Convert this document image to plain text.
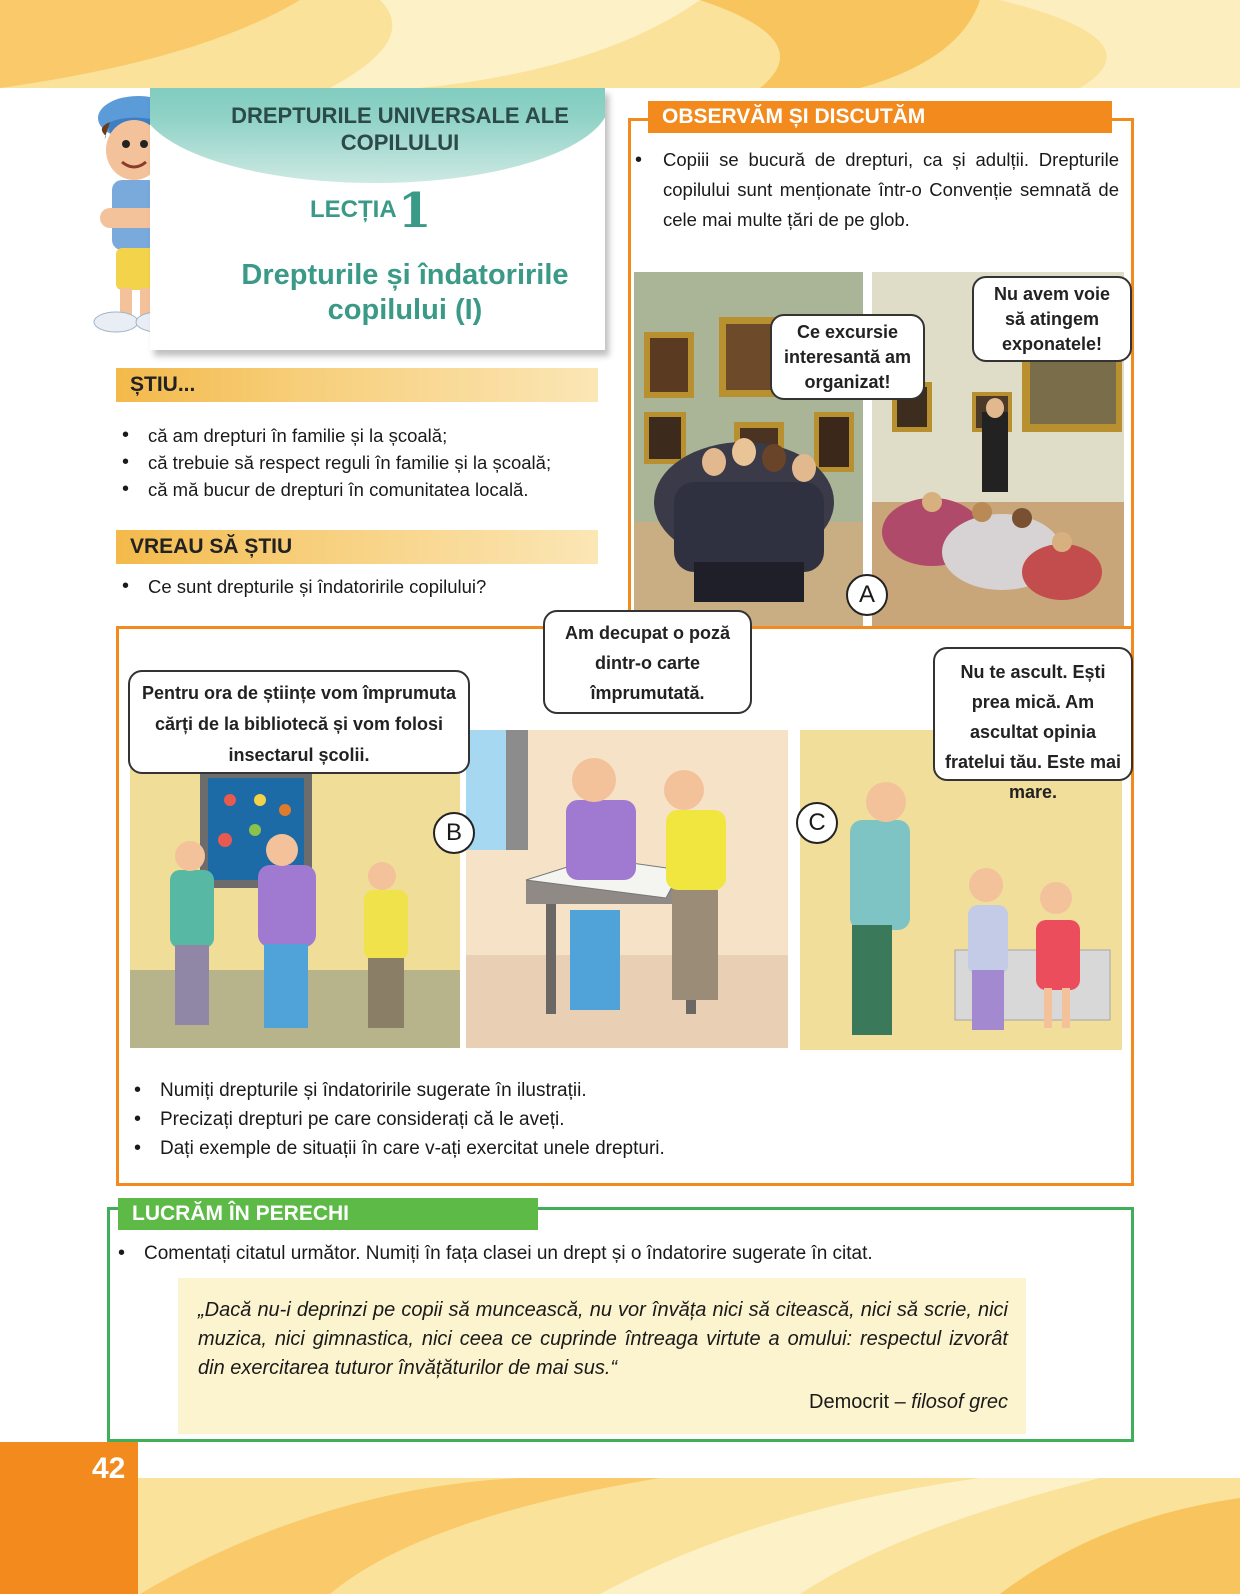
DREPTURILE UNIVERSALE ALE COPILULUI
LECȚIA 1
Drepturile și îndatoririle copilului (I)
ȘTIU...
• că am drepturi în familie și la școală;
• că trebuie să respect reguli în familie și la școală;
• că mă bucur de drepturi în comunitatea locală.
VREAU SĂ ȘTIU
• Ce sunt drepturile și îndatoririle copilului?
OBSERVĂM ȘI DISCUTĂM
•	Copiii se bucură de drepturi, ca și adulții. Drepturile copilului sunt menționate într-o Convenție semnată de cele mai multe țări de pe glob.
Ce excursie interesantă am organizat!
Nu avem voie să atingem exponatele!
A
Pentru ora de științe vom împrumuta cărți de la bibliotecă și vom folosi insectarul școlii.
Am decupat o poză dintr-o carte împrumutată.
B
Nu te ascult. Ești prea mică. Am ascultat opinia fratelui tău. Este mai mare.
C
• Numiți drepturile și îndatoririle sugerate în ilustrații.
• Precizați drepturi pe care considerați că le aveți.
• Dați exemple de situații în care v-ați exercitat unele drepturi.
LUCRĂM ÎN PERECHI
• Comentați citatul următor. Numiți în fața clasei un drept și o îndatorire sugerate în citat.
„Dacă nu-i deprinzi pe copii să muncească, nu vor învăța nici să citească, nici să scrie, nici muzica, nici gimnastica, nici ceea ce cuprinde întreaga virtute a omului: respectul izvorât din exercitarea tuturor învățăturilor de mai sus.“
Democrit – filosof grec
42
